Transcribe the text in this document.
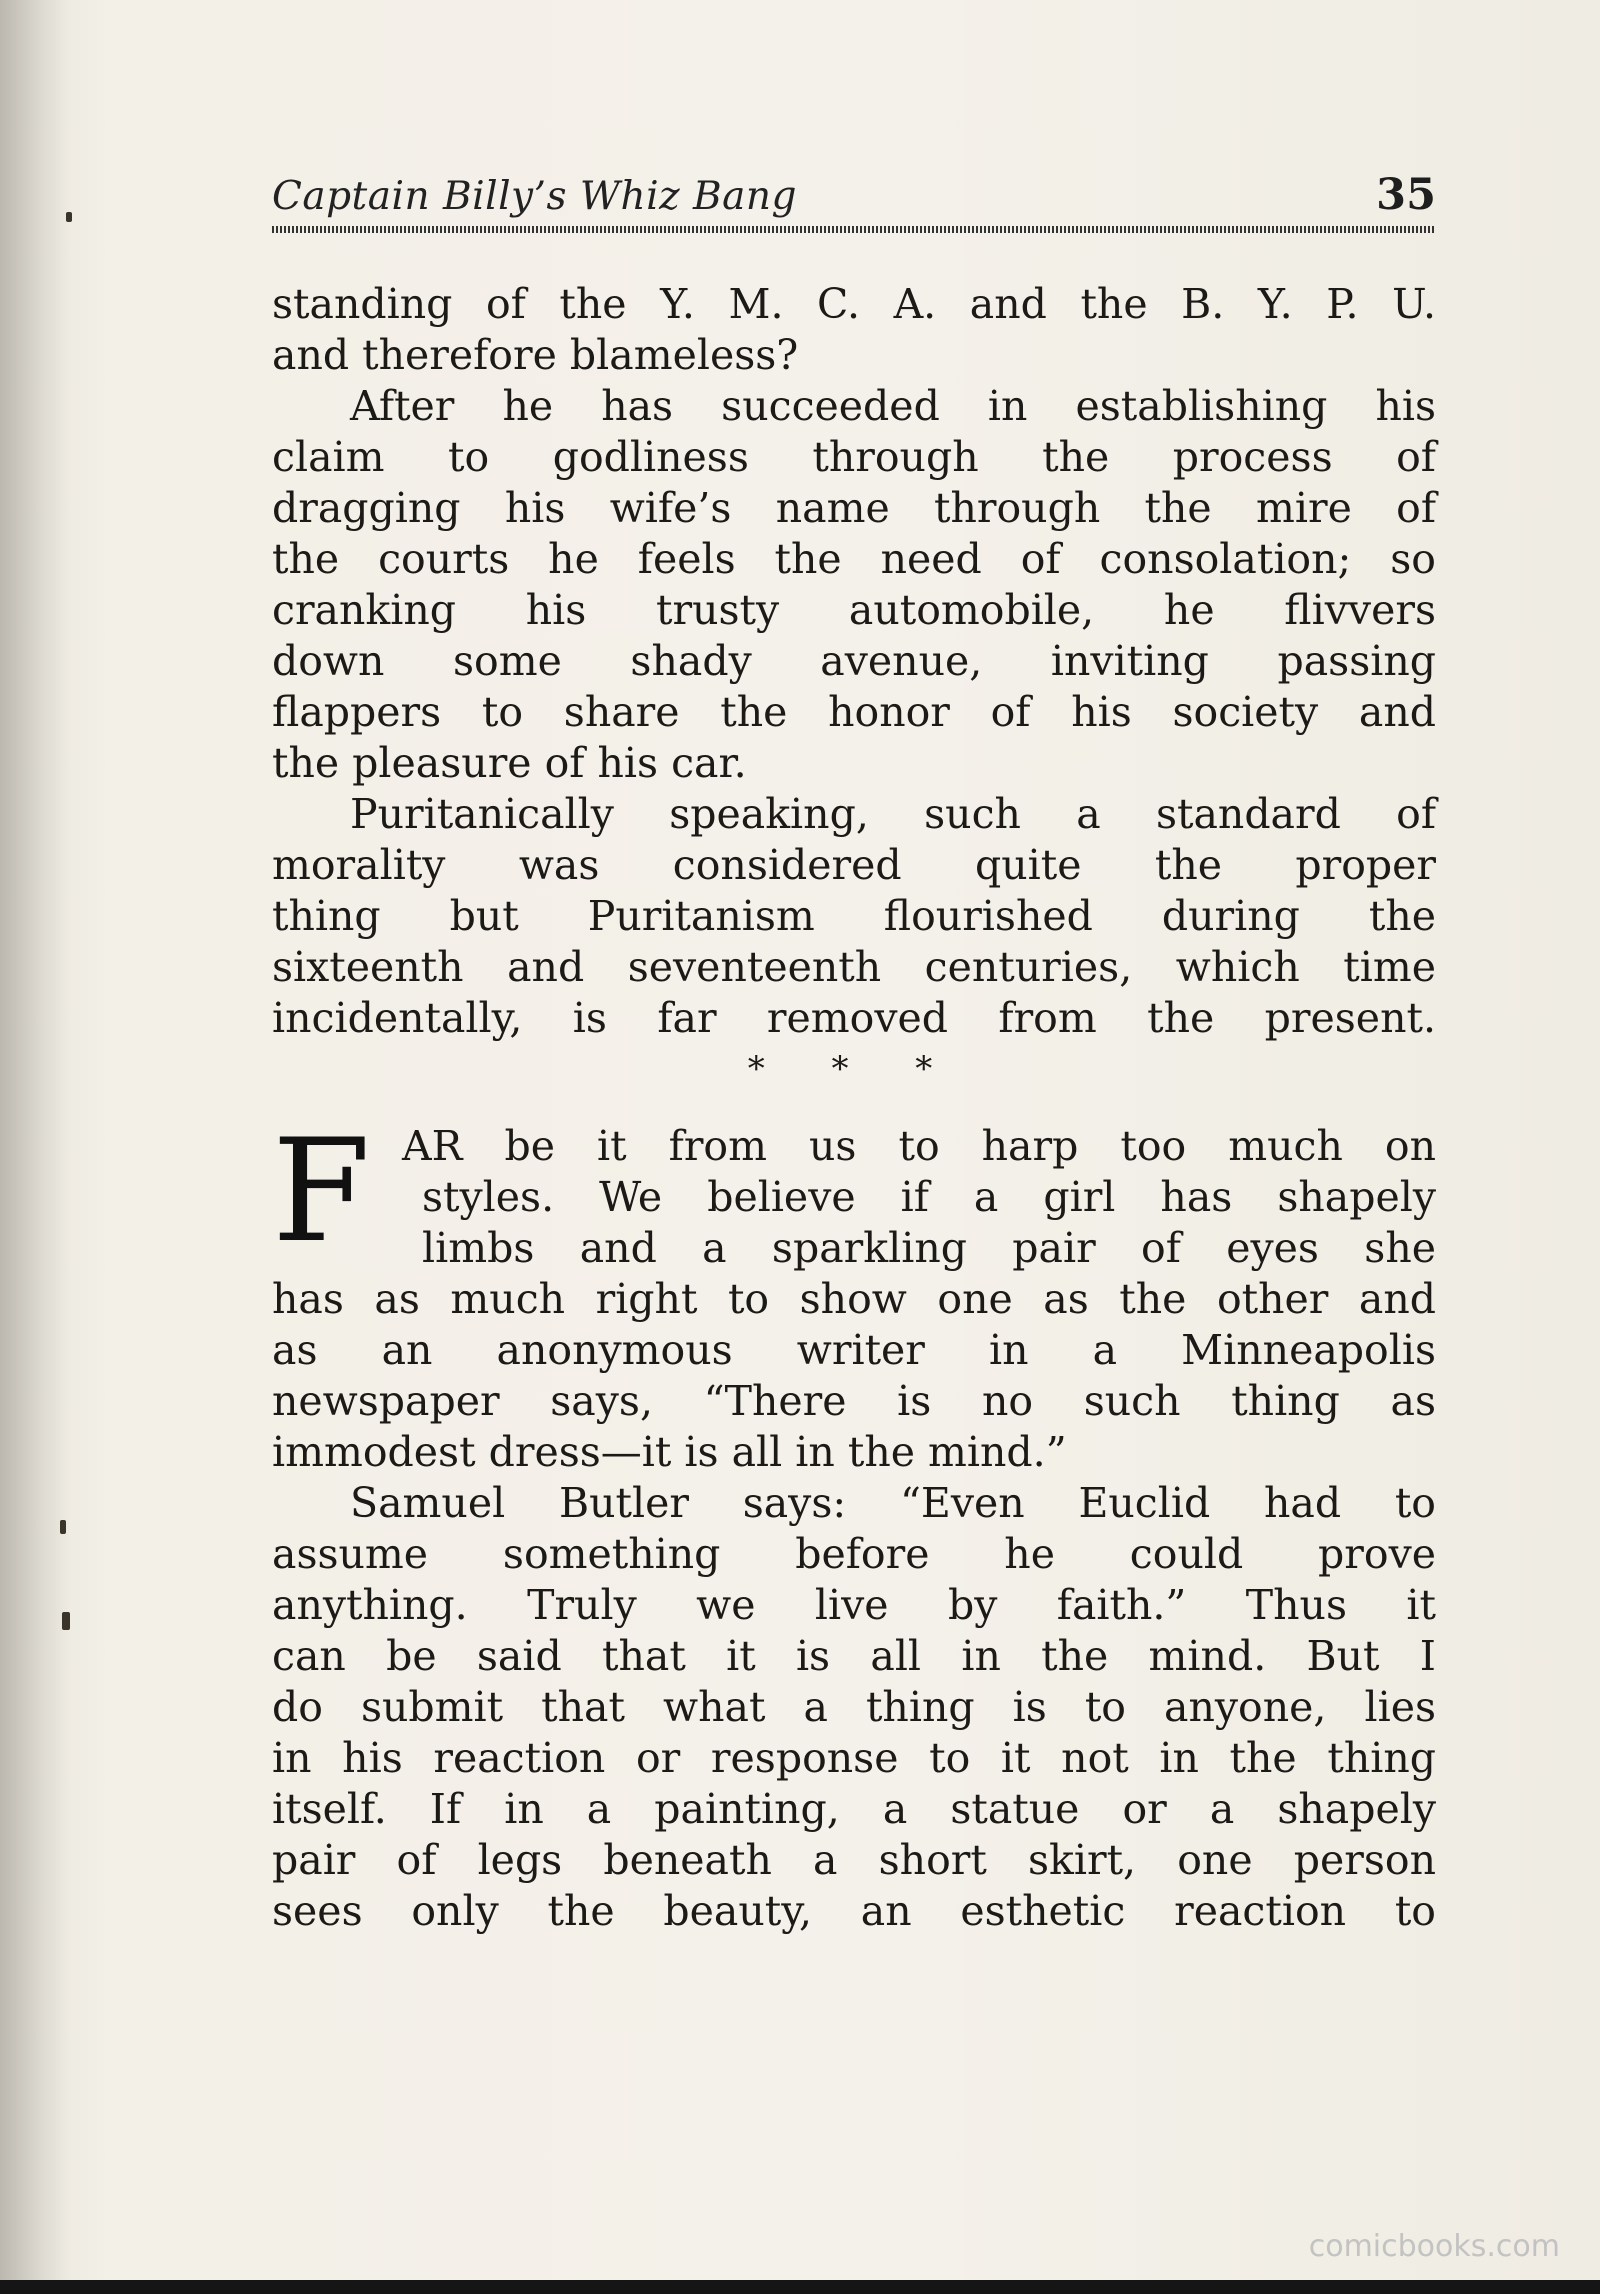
Captain Billy’s Whiz Bang	35
standing of the Y. M. C. A. and the B. Y. P. U.
and therefore blameless?
After he has succeeded in establishing his
claim to godliness through the process of
dragging his wife’s name through the mire of
the courts he feels the need of consolation; so
cranking his trusty automobile, he flivvers
down some shady avenue, inviting passing
flappers to share the honor of his society and
the pleasure of his car.
Puritanically speaking, such a standard of
morality was considered quite the proper
thing but Puritanism flourished during the
sixteenth and seventeenth centuries, which time
incidentally, is far removed from the present.
* * *
F AR be it from us to harp too much on
styles. We believe if a girl has shapely
limbs and a sparkling pair of eyes she
has as much right to show one as the other and
as an anonymous writer in a Minneapolis
newspaper says, “There is no such thing as
immodest dress—it is all in the mind.”
Samuel Butler says: “Even Euclid had to
assume something before he could prove
anything. Truly we live by faith.” Thus it
can be said that it is all in the mind. But I
do submit that what a thing is to anyone, lies
in his reaction or response to it not in the thing
itself. If in a painting, a statue or a shapely
pair of legs beneath a short skirt, one person
sees only the beauty, an esthetic reaction to
comicbooks.com
